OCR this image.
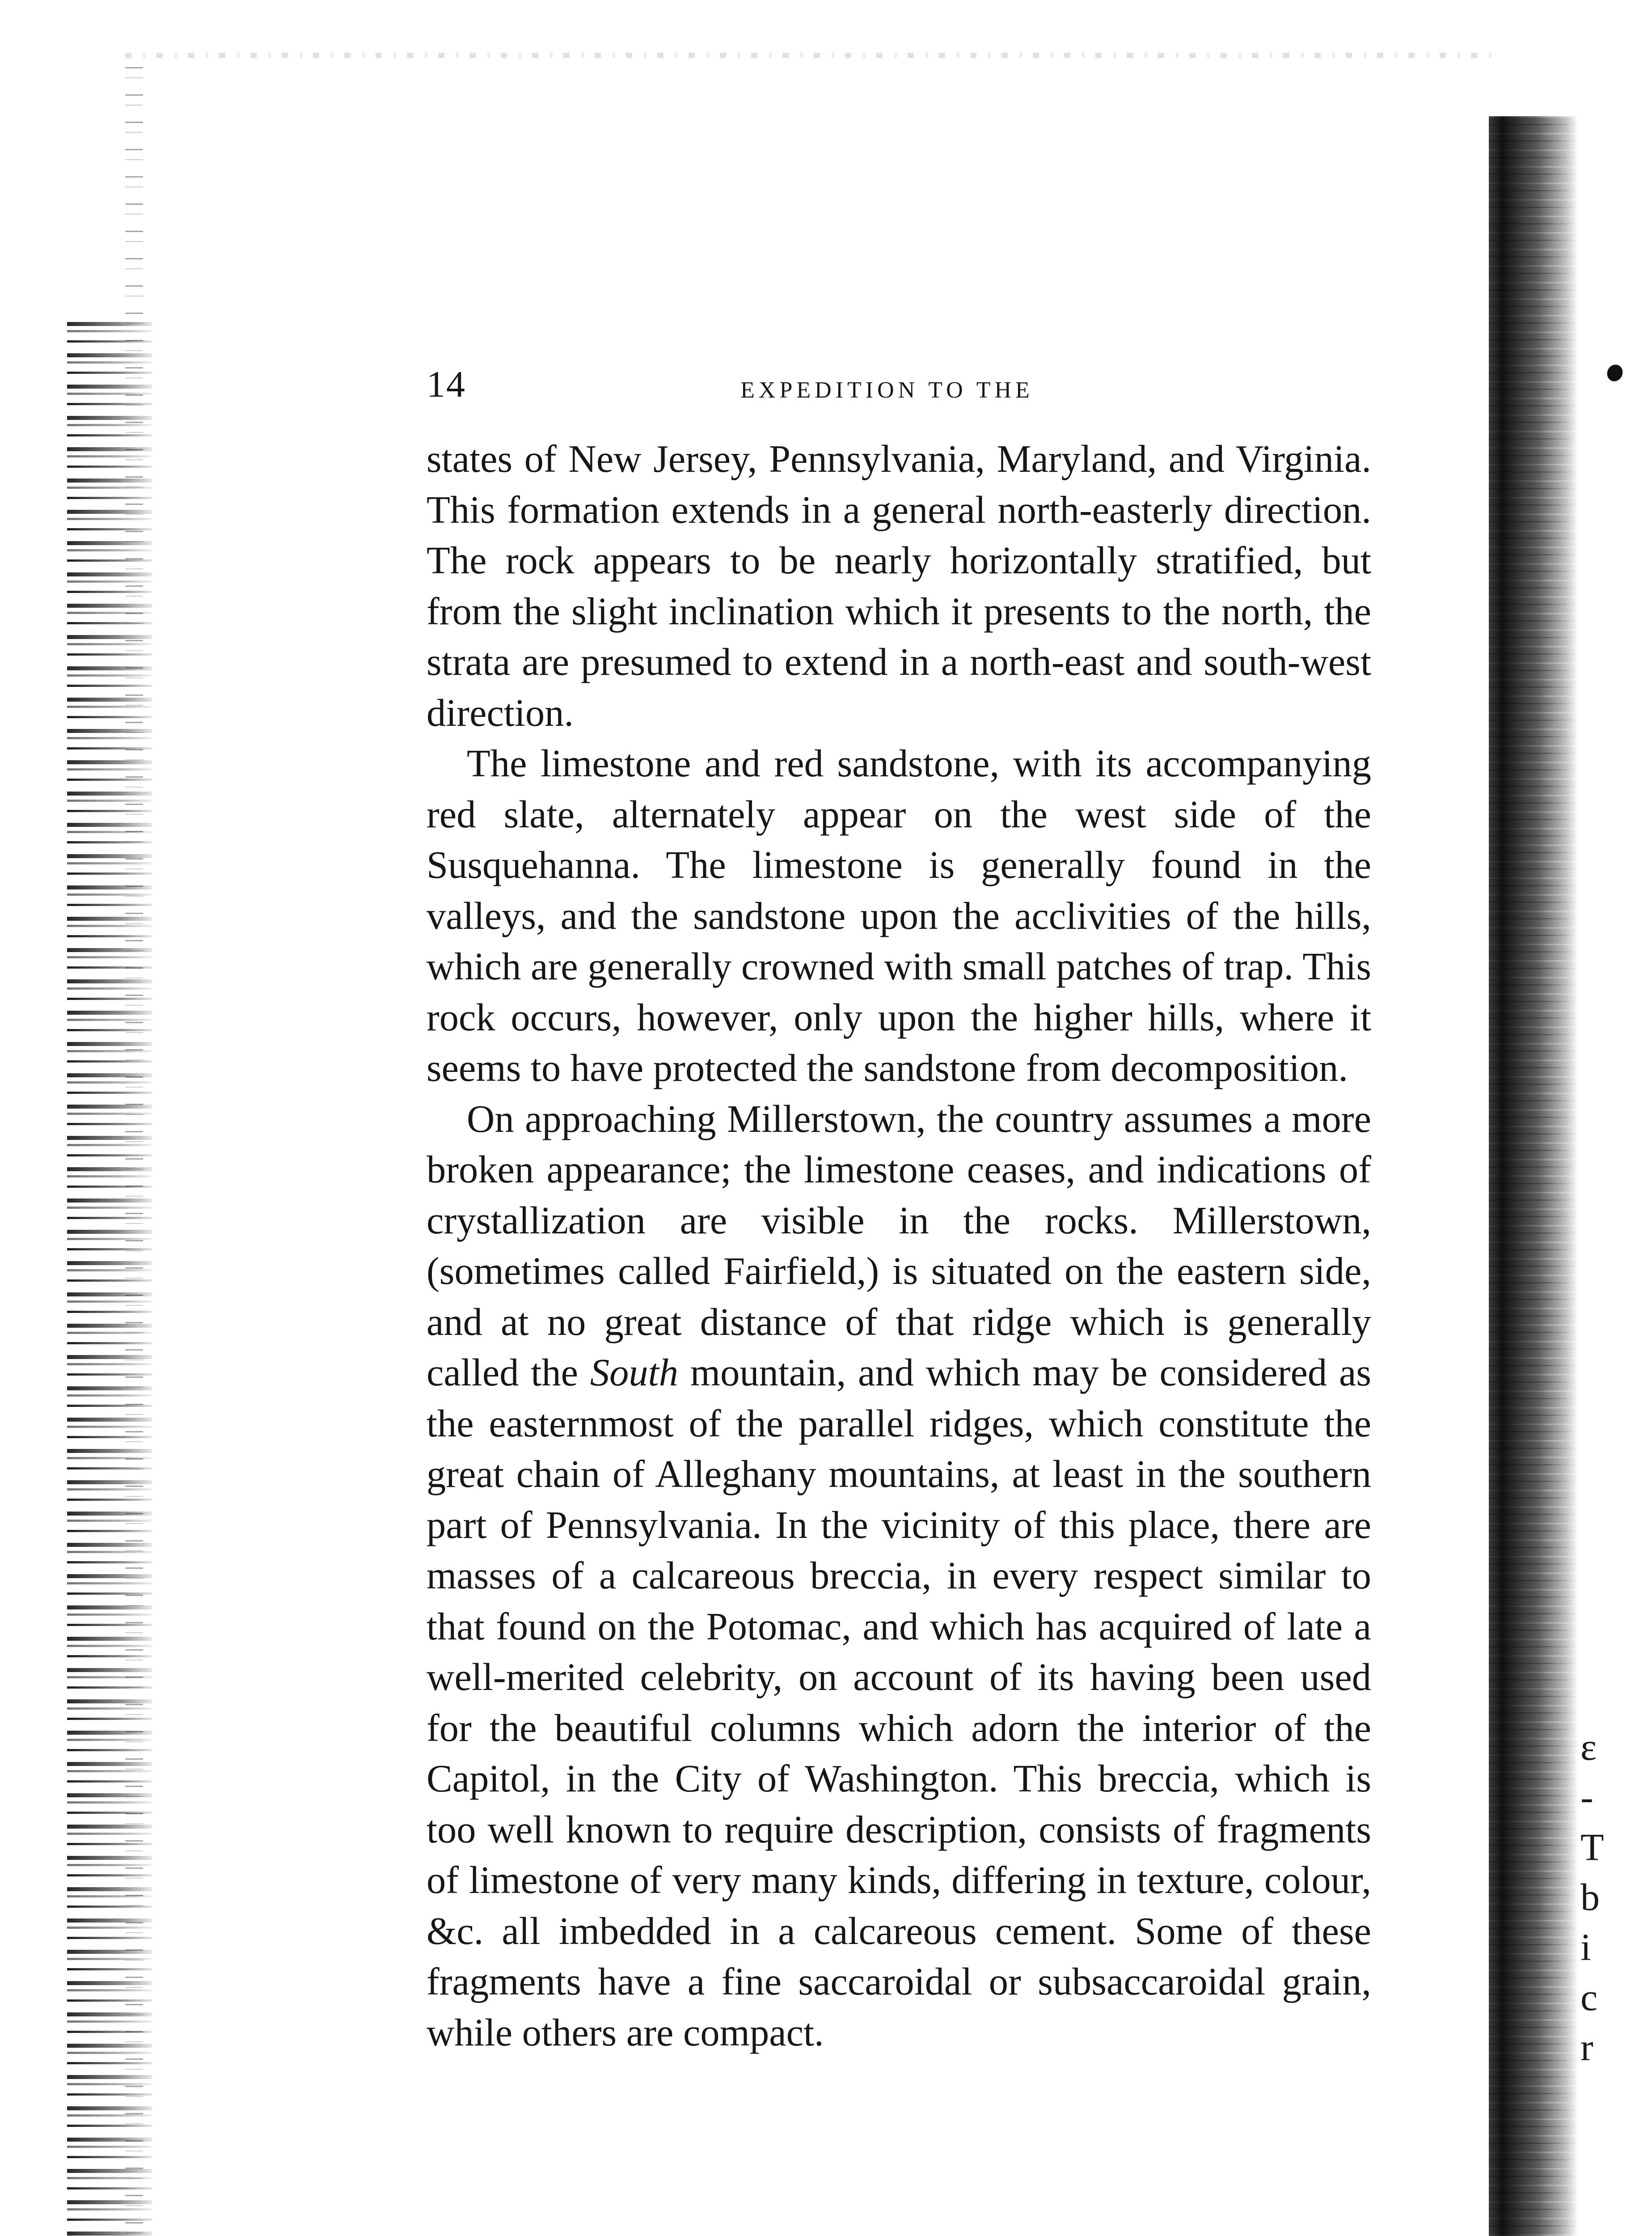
ε
-
T
b
i
c
r
14	EXPEDITION TO THE

states of New Jersey, Pennsylvania, Maryland, and Virginia. This formation extends in a general north-easterly direction. The rock appears to be nearly horizontally stratified, but from the slight inclination which it presents to the north, the strata are presumed to extend in a north-east and south-west direction.

The limestone and red sandstone, with its accompanying red slate, alternately appear on the west side of the Susquehanna. The limestone is generally found in the valleys, and the sandstone upon the acclivities of the hills, which are generally crowned with small patches of trap. This rock occurs, however, only upon the higher hills, where it seems to have protected the sandstone from decomposition.

On approaching Millerstown, the country assumes a more broken appearance; the limestone ceases, and indications of crystallization are visible in the rocks. Millerstown, (sometimes called Fairfield,) is situated on the eastern side, and at no great distance of that ridge which is generally called the South mountain, and which may be considered as the easternmost of the parallel ridges, which constitute the great chain of Alleghany mountains, at least in the southern part of Pennsylvania. In the vicinity of this place, there are masses of a calcareous breccia, in every respect similar to that found on the Potomac, and which has acquired of late a well-merited celebrity, on account of its having been used for the beautiful columns which adorn the interior of the Capitol, in the City of Washington. This breccia, which is too well known to require description, consists of fragments of limestone of very many kinds, differing in texture, colour, &c. all imbedded in a calcareous cement. Some of these fragments have a fine saccaroidal or subsaccaroidal grain, while others are compact.
